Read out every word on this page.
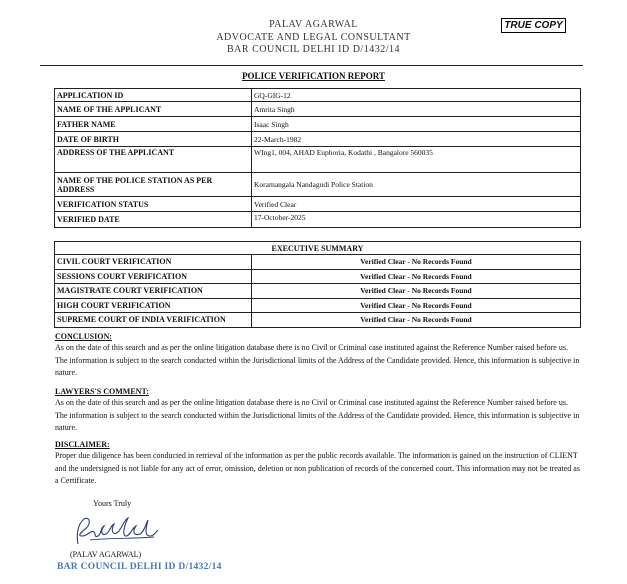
PALAV AGARWAL
ADVOCATE AND LEGAL CONSULTANT
BAR COUNCIL DELHI ID D/1432/14
TRUE COPY
POLICE VERIFICATION REPORT
APPLICATION ID	GQ-GIG-12
NAME OF THE APPLICANT	Amrita Singh
FATHER NAME	Isaac Singh
DATE OF BIRTH	22-March-1982
ADDRESS OF THE APPLICANT	WIng1, 004, AHAD Euphoria, Kodathi , Bangalore 560035
NAME OF THE POLICE STATION AS PER ADDRESS	Koramangala Nandagudi Police Station
VERIFICATION STATUS	Verified Clear
VERIFIED DATE	17-October-2025
EXECUTIVE SUMMARY	
CIVIL COURT VERIFICATION	Verified Clear - No Records Found
SESSIONS COURT VERIFICATION	Verified Clear - No Records Found
MAGISTRATE COURT VERIFICATION	Verified Clear - No Records Found
HIGH COURT VERIFICATION	Verified Clear - No Records Found
SUPREME COURT OF INDIA VERIFICATION	Verified Clear - No Records Found
CONCLUSION:

As on the date of this search and as per the online litigation database there is no Civil or Criminal case instituted against the Reference Number raised before us. The information is subject to the search conducted within the Jurisdictional limits of the Address of the Candidate provided. Hence, this information is subjective in nature.

LAWYERS'S COMMENT:

As on the date of this search and as per the online litigation database there is no Civil or Criminal case instituted against the Reference Number raised before us. The information is subject to the search conducted within the Jurisdictional limits of the Address of the Candidate provided. Hence, this information is subjective in nature.

DISCLAIMER:

Proper due diligence has been conducted in retrieval of the information as per the public records available. The information is gained on the instruction of CLIENT and the undersigned is not liable for any act of error, omission, deletion or non publication of records of the concerned court. This information may not be treated as a Certificate.

Yours Truly
(PALAV AGARWAL)
BAR COUNCIL DELHI ID D/1432/14
